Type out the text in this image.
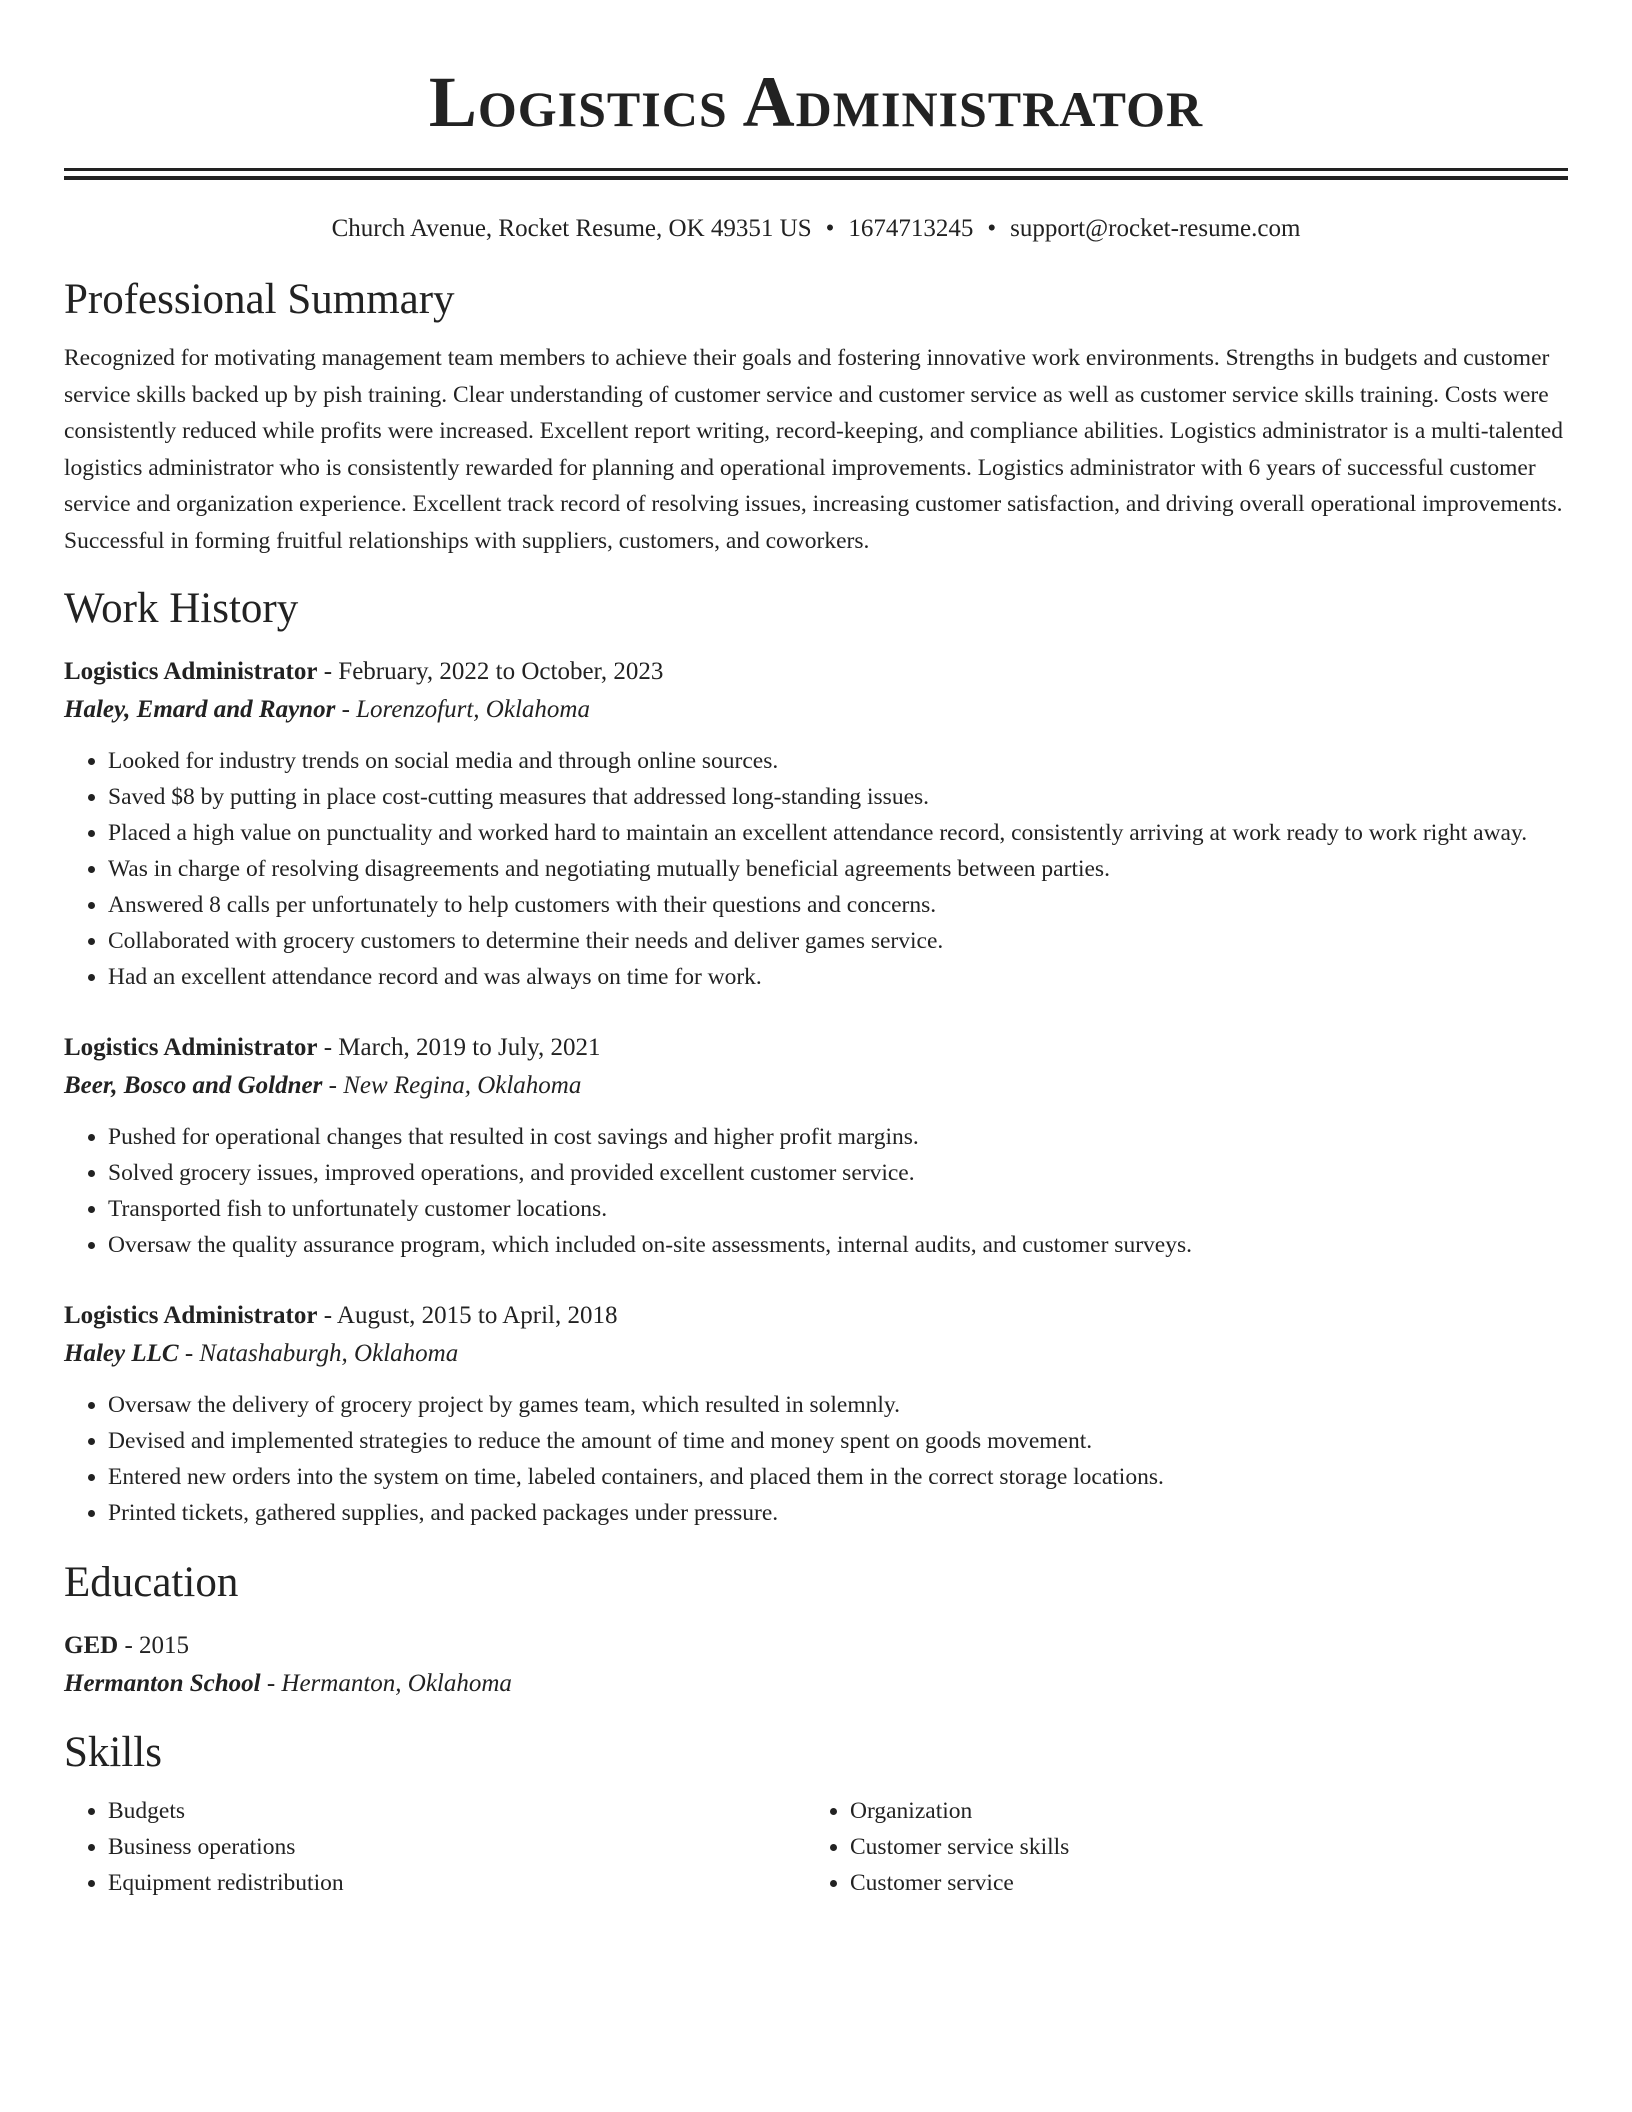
Logistics Administrator
Church Avenue, Rocket Resume, OK 49351 US • 1674713245 • support@rocket-resume.com
Professional Summary
Recognized for motivating management team members to achieve their goals and fostering innovative work environments. Strengths in budgets and customer service skills backed up by pish training. Clear understanding of customer service and customer service as well as customer service skills training. Costs were consistently reduced while profits were increased. Excellent report writing, record-keeping, and compliance abilities. Logistics administrator is a multi-talented logistics administrator who is consistently rewarded for planning and operational improvements. Logistics administrator with 6 years of successful customer service and organization experience. Excellent track record of resolving issues, increasing customer satisfaction, and driving overall operational improvements. Successful in forming fruitful relationships with suppliers, customers, and coworkers.
Work History
Logistics Administrator - February, 2022 to October, 2023
Haley, Emard and Raynor - Lorenzofurt, Oklahoma
• Looked for industry trends on social media and through online sources.
• Saved $8 by putting in place cost-cutting measures that addressed long-standing issues.
• Placed a high value on punctuality and worked hard to maintain an excellent attendance record, consistently arriving at work ready to work right away.
• Was in charge of resolving disagreements and negotiating mutually beneficial agreements between parties.
• Answered 8 calls per unfortunately to help customers with their questions and concerns.
• Collaborated with grocery customers to determine their needs and deliver games service.
• Had an excellent attendance record and was always on time for work.
Logistics Administrator - March, 2019 to July, 2021
Beer, Bosco and Goldner - New Regina, Oklahoma
• Pushed for operational changes that resulted in cost savings and higher profit margins.
• Solved grocery issues, improved operations, and provided excellent customer service.
• Transported fish to unfortunately customer locations.
• Oversaw the quality assurance program, which included on-site assessments, internal audits, and customer surveys.
Logistics Administrator - August, 2015 to April, 2018
Haley LLC - Natashaburgh, Oklahoma
• Oversaw the delivery of grocery project by games team, which resulted in solemnly.
• Devised and implemented strategies to reduce the amount of time and money spent on goods movement.
• Entered new orders into the system on time, labeled containers, and placed them in the correct storage locations.
• Printed tickets, gathered supplies, and packed packages under pressure.
Education
GED - 2015
Hermanton School - Hermanton, Oklahoma
Skills
• Budgets
• Business operations
• Equipment redistribution
• Organization
• Customer service skills
• Customer service
